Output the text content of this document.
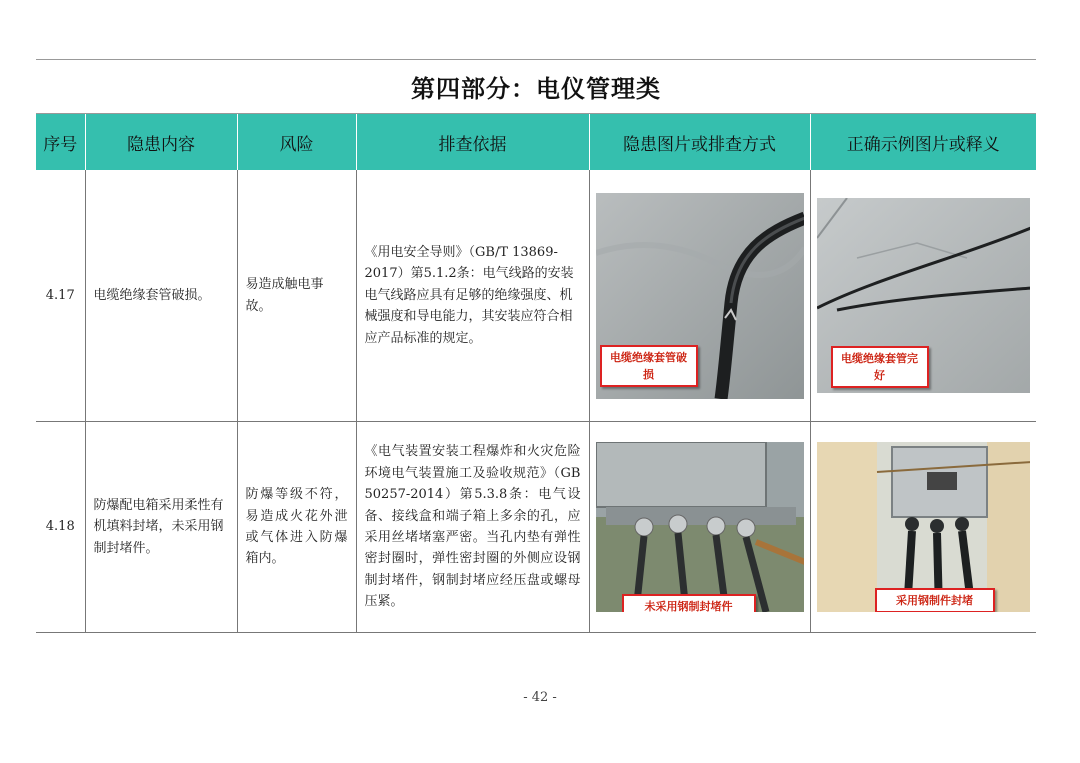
第四部分：电仪管理类
序号	隐患内容	风险	排查依据	隐患图片或排查方式	正确示例图片或释义
4.17	电缆绝缘套管破损。	易造成触电事故。	《用电安全导则》（GB/T 13869-2017）第5.1.2条：电气线路的安装电气线路应具有足够的绝缘强度、机械强度和导电能力，其安装应符合相应产品标准的规定。	电缆绝缘套管破损	电缆绝缘套管完好

4.18	防爆配电箱采用柔性有机填料封堵，未采用钢制封堵件。	防爆等级不符，易造成火花外泄或气体进入防爆箱内。	《电气装置安装工程爆炸和火灾危险环境电气装置施工及验收规范》（GB 50257-2014）第5.3.8条：电气设备、接线盒和端子箱上多余的孔，应采用丝堵堵塞严密。当孔内垫有弹性密封圈时，弹性密封圈的外侧应设钢制封堵件，钢制封堵应经压盘或螺母压紧。	未采用钢制封堵件	采用钢制件封堵
- 42 -
